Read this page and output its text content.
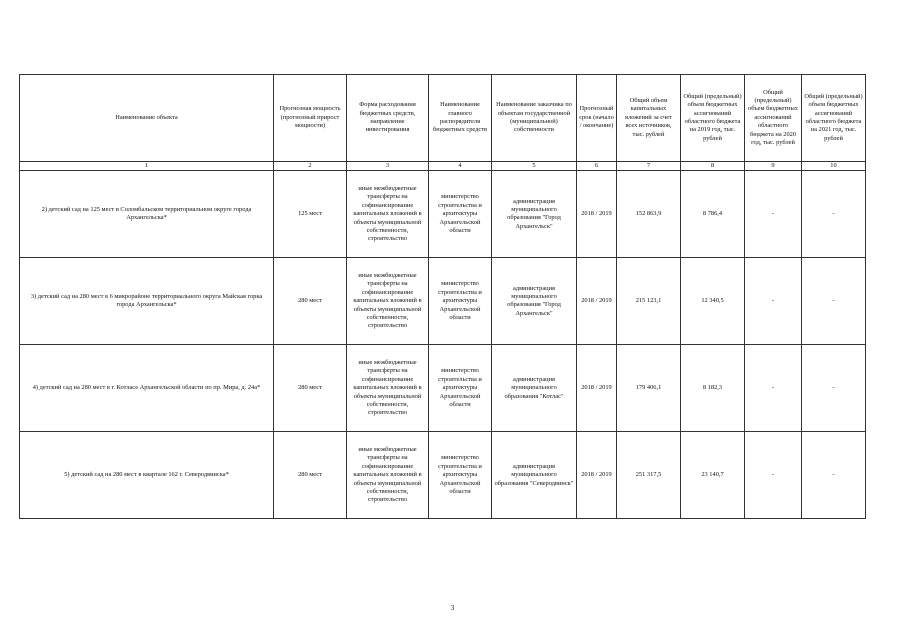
Наименование объекта	Прогнозная мощность (прогнозный прирост мощности)	Форма расходования бюджетных средств, направление инвестирования	Наименование главного распорядителя бюджетных средств	Наименование заказчика по объектам государственной (муниципальной) собственности	Прогнозный срок (начало / окончание)	Общий объем капитальных вложений за счет всех источников, тыс. рублей	Общий (предельный) объем бюджетных ассигнований областного бюджета на 2019 год, тыс. рублей	Общий (предельный) объем бюджетных ассигнований областного бюджета на 2020 год, тыс. рублей	Общий (предельный) объем бюджетных ассигнований областного бюджета на 2021 год, тыс. рублей
1	2	3	4	5	6	7	8	9	10
2) детский сад на 125 мест в Соломбальском территориальном округе города Архангельска*	125 мест	иные межбюджетные трансферты на софинансирование капитальных вложений в объекты муниципальной собственности, строительство	министерство строительства и архитектуры Архангельской области	администрация муниципального образования "Город Архангельск"	2018 / 2019	152 863,9	8 786,4	-	-
3) детский сад на 280 мест в 6 микрорайоне территориального округа Майская горка города Архангельска*	280 мест	иные межбюджетные трансферты на софинансирование капитальных вложений в объекты муниципальной собственности, строительство	министерство строительства и архитектуры Архангельской области	администрация муниципального образования "Город Архангельск"	2018 / 2019	215 123,1	12 340,5	-	-
4) детский сад на 280 мест в г. Котласе Архангельской области по пр. Мира, д. 24а*	280 мест	иные межбюджетные трансферты на софинансирование капитальных вложений в объекты муниципальной собственности, строительство	министерство строительства и архитектуры Архангельской области	администрация муниципального образования "Котлас"	2018 / 2019	179 406,1	8 182,3	-	-
5) детский сад на 280 мест в квартале 162 г. Северодвинска*	280 мест	иные межбюджетные трансферты на софинансирование капитальных вложений в объекты муниципальной собственности, строительство	министерство строительства и архитектуры Архангельской области	администрация муниципального образования "Северодвинск"	2018 / 2019	251 317,5	23 140,7	-	-
3
